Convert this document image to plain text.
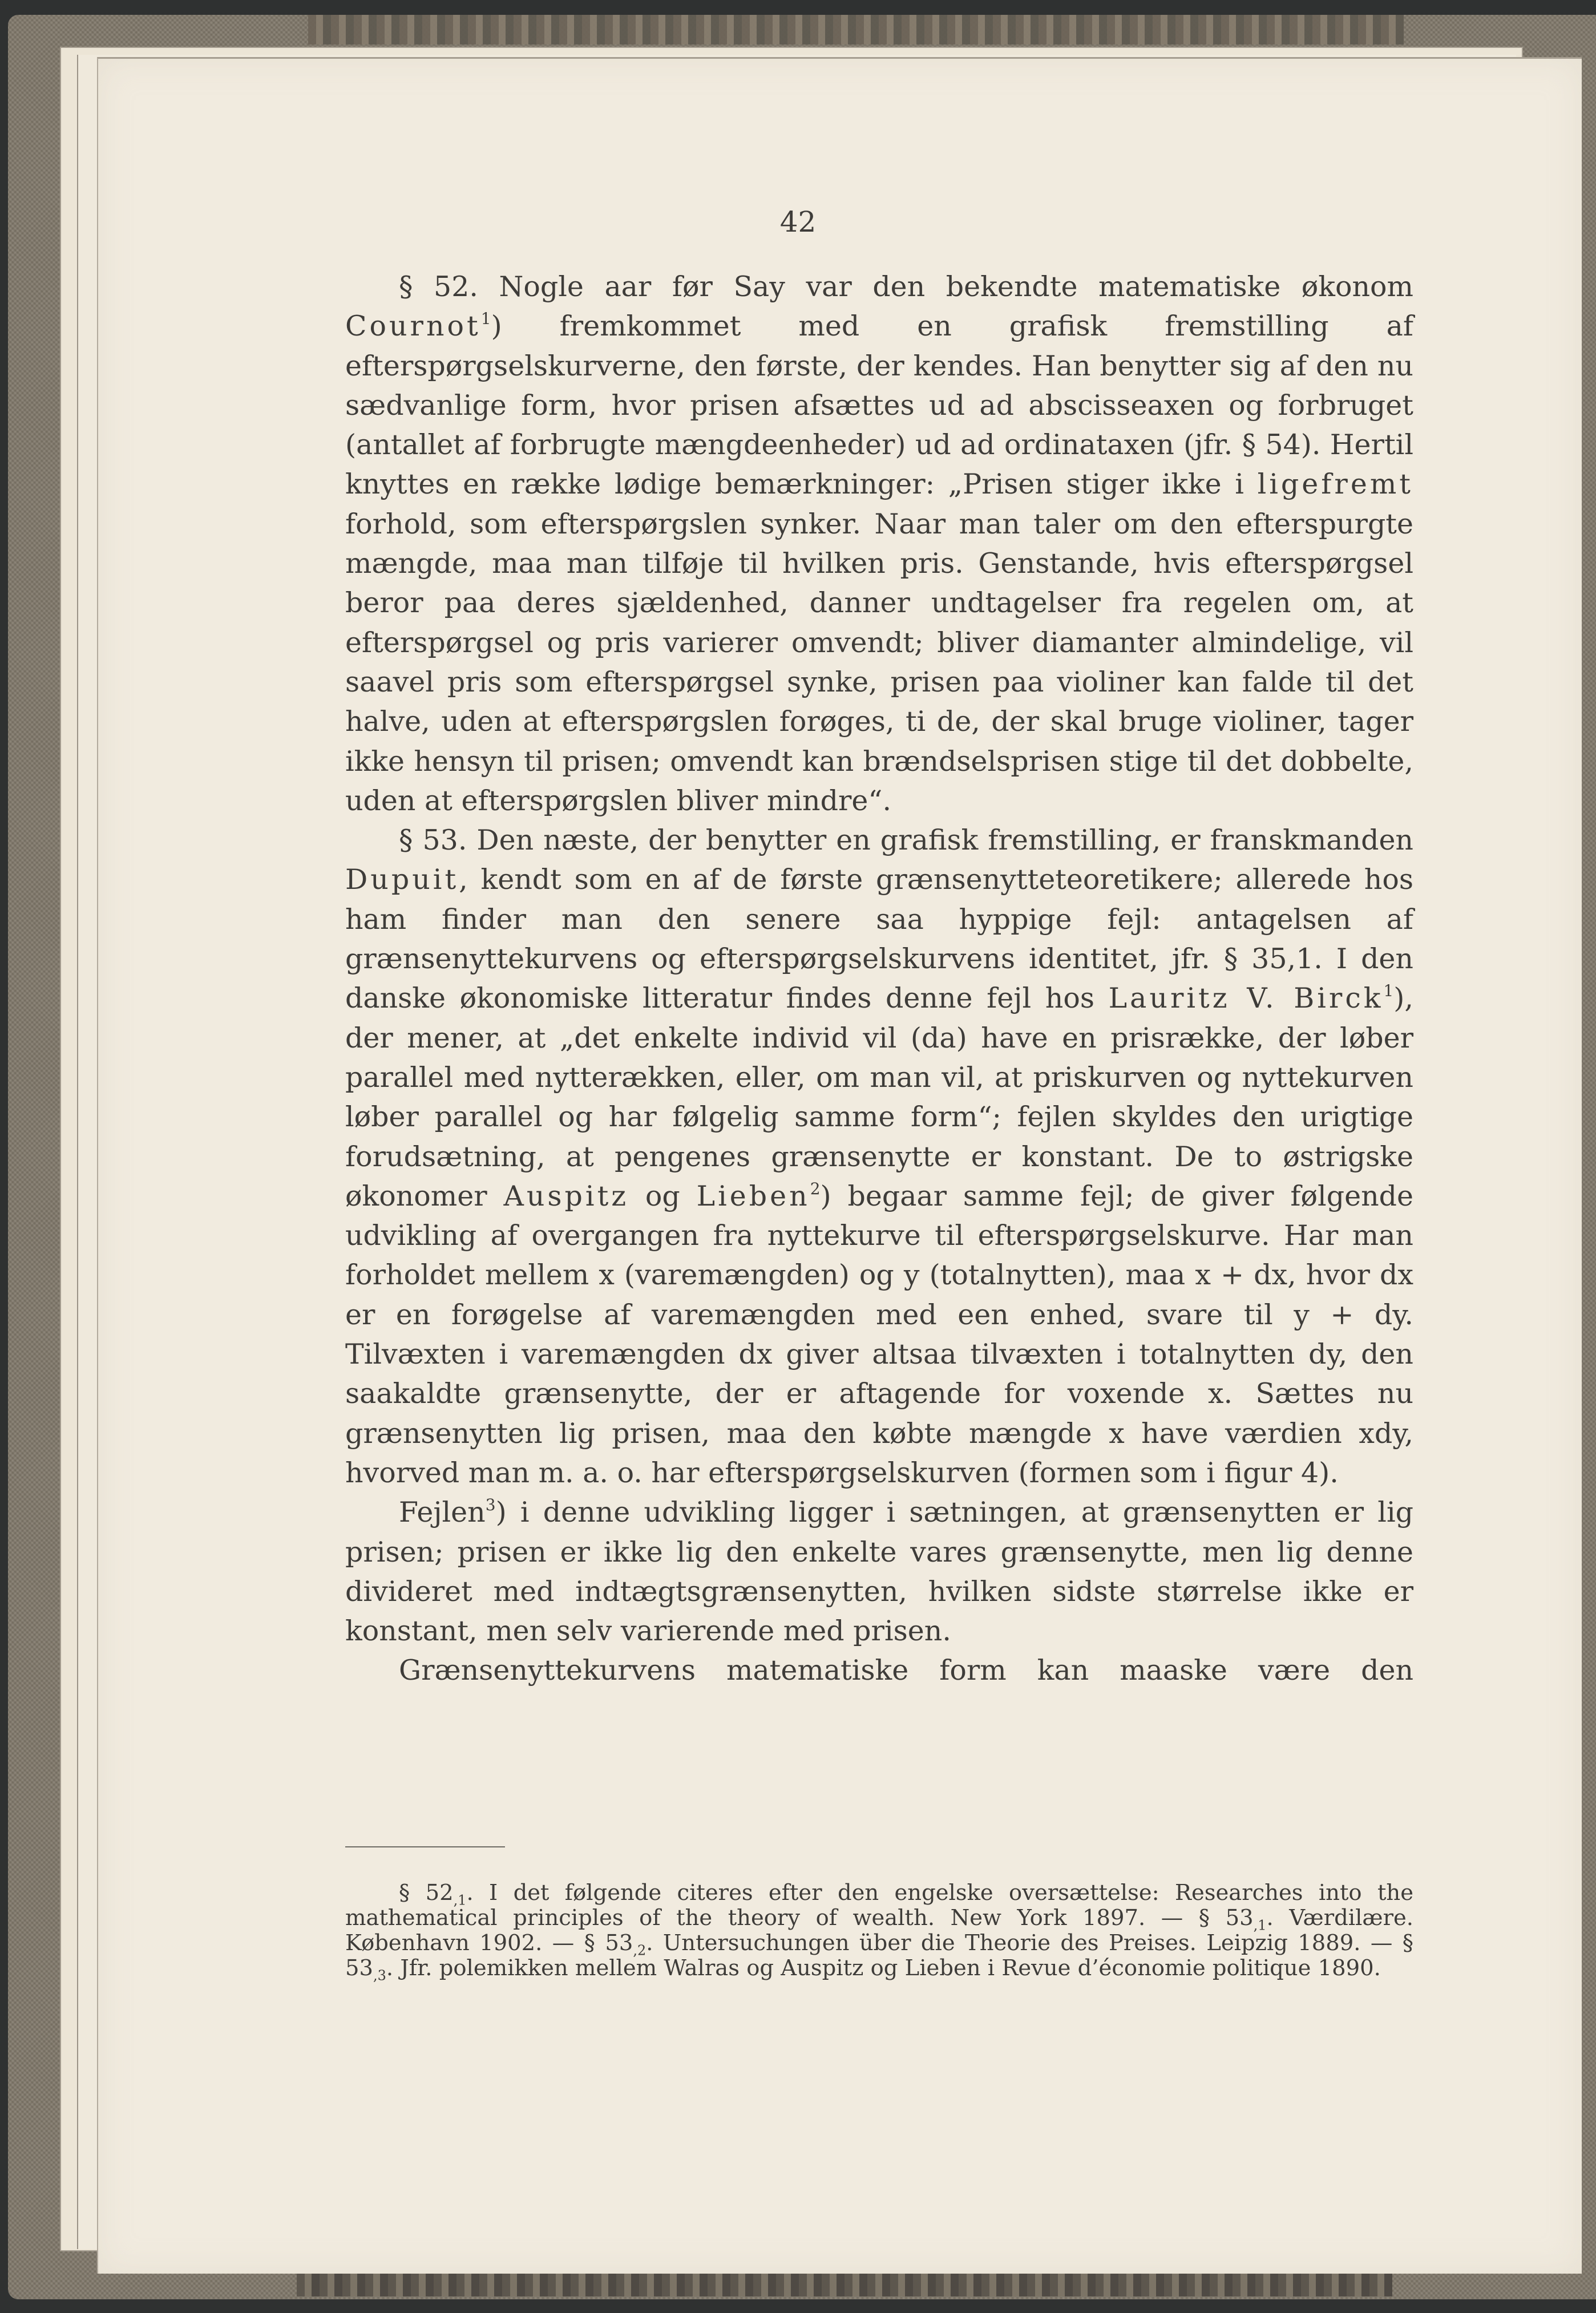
42

§ 52. Nogle aar før Say var den bekendte matematiske økonom Cournot$^1$) fremkommet med en grafisk fremstilling af efterspørgselskurverne, den første, der kendes. Han benytter sig af den nu sædvanlige form, hvor prisen afsættes ud ad abscisseaxen og forbruget (antallet af forbrugte mængdeenheder) ud ad ordinataxen (jfr. § 54). Hertil knyttes en række lødige bemærkninger: „Prisen stiger ikke i ligefremt forhold, som efterspørgslen synker. Naar man taler om den efterspurgte mængde, maa man tilføje til hvilken pris. Genstande, hvis efterspørgsel beror paa deres sjældenhed, danner undtagelser fra regelen om, at efterspørgsel og pris varierer omvendt; bliver diamanter almindelige, vil saavel pris som efterspørgsel synke, prisen paa violiner kan falde til det halve, uden at efterspørgslen forøges, ti de, der skal bruge violiner, tager ikke hensyn til prisen; omvendt kan brændselsprisen stige til det dobbelte, uden at efterspørgslen bliver mindre“.

§ 53. Den næste, der benytter en grafisk fremstilling, er franskmanden Dupuit, kendt som en af de første grænsenytteteoretikere; allerede hos ham finder man den senere saa hyppige fejl: antagelsen af grænsenyttekurvens og efterspørgselskurvens identitet, jfr. § 35,1. I den danske økonomiske litteratur findes denne fejl hos Lauritz V. Birck$^1$), der mener, at „det enkelte individ vil (da) have en prisrække, der løber parallel med nytterækken, eller, om man vil, at priskurven og nyttekurven løber parallel og har følgelig samme form“; fejlen skyldes den urigtige forudsætning, at pengenes grænsenytte er konstant. De to østrigske økonomer Auspitz og Lieben$^2$) begaar samme fejl; de giver følgende udvikling af overgangen fra nyttekurve til efterspørgselskurve. Har man forholdet mellem x (varemængden) og y (totalnytten), maa x + dx, hvor dx er en forøgelse af varemængden med een enhed, svare til y + dy. Tilvæxten i varemængden dx giver altsaa tilvæxten i totalnytten dy, den saakaldte grænsenytte, der er aftagende for voxende x. Sættes nu grænsenytten lig prisen, maa den købte mængde x have værdien xdy, hvorved man m. a. o. har efterspørgselskurven (formen som i figur 4).

Fejlen$^3$) i denne udvikling ligger i sætningen, at grænsenytten er lig prisen; prisen er ikke lig den enkelte vares grænsenytte, men lig denne divideret med indtægtsgrænsenytten, hvilken sidste størrelse ikke er konstant, men selv varierende med prisen.

Grænsenyttekurvens matematiske form kan maaske være den

§ $52_{,1}$. I det følgende citeres efter den engelske oversættelse: Researches into the mathematical principles of the theory of wealth. New York 1897. — § $53_{,1}$. Værdilære. København 1902. — § $53_{,2}$. Untersuchungen über die Theorie des Preises. Leipzig 1889. — § $53_{,3}$. Jfr. polemikken mellem Walras og Auspitz og Lieben i Revue d’économie politique 1890.
